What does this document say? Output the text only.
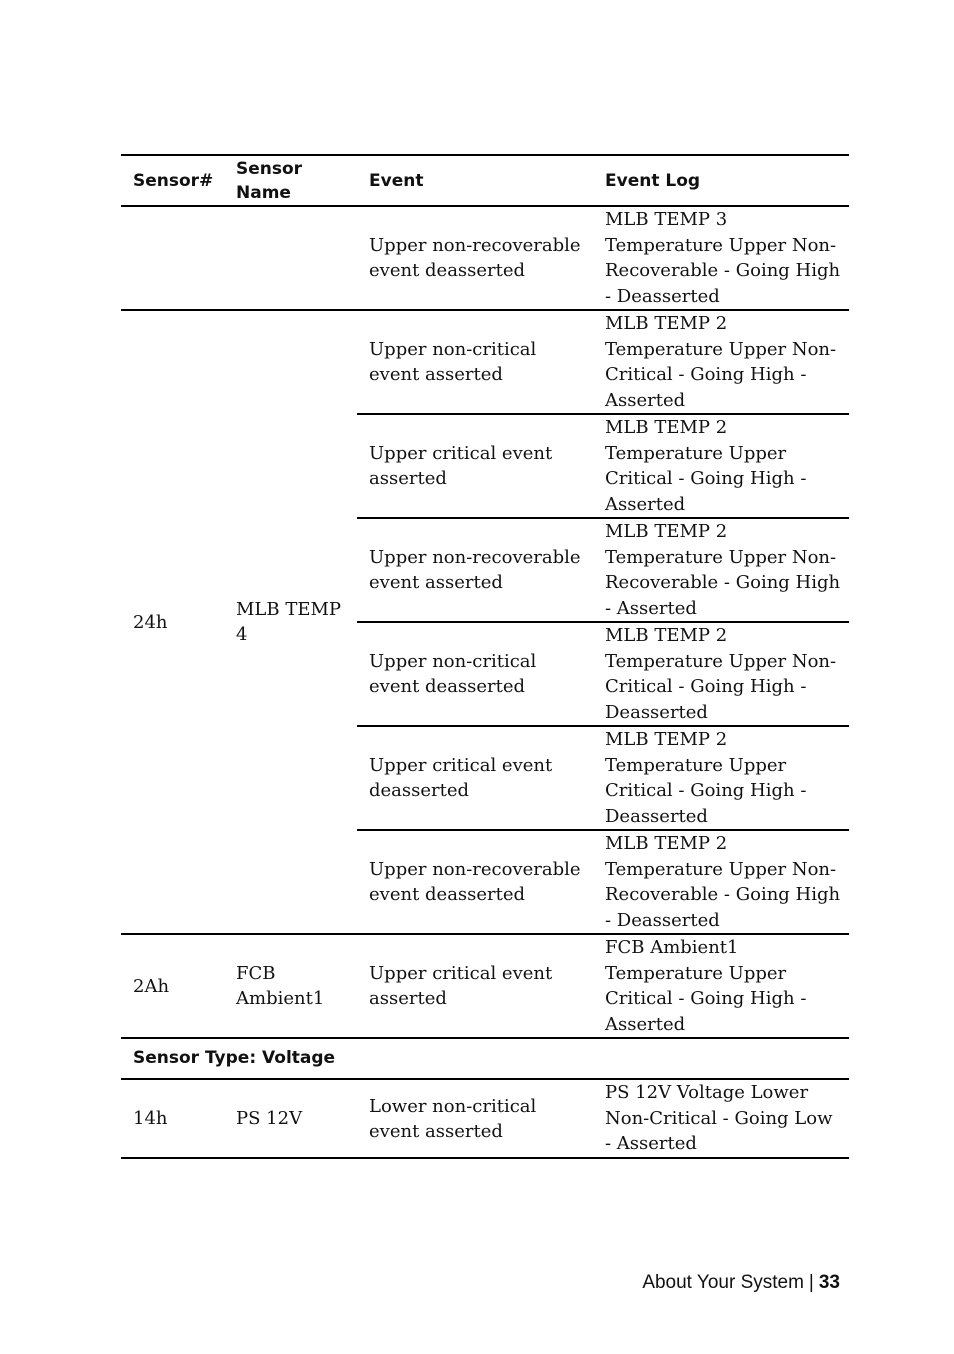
Sensor#	Sensor Name	Event	Event Log
		Upper non-recoverable event deasserted	MLB TEMP 3 Temperature Upper Non-Recoverable - Going High - Deasserted
24h	MLB TEMP 4	Upper non-critical event asserted	MLB TEMP 2 Temperature Upper Non-Critical - Going High - Asserted
		Upper critical event asserted	MLB TEMP 2 Temperature Upper Critical - Going High - Asserted
		Upper non-recoverable event asserted	MLB TEMP 2 Temperature Upper Non-Recoverable - Going High - Asserted
		Upper non-critical event deasserted	MLB TEMP 2 Temperature Upper Non-Critical - Going High - Deasserted
		Upper critical event deasserted	MLB TEMP 2 Temperature Upper Critical - Going High - Deasserted
		Upper non-recoverable event deasserted	MLB TEMP 2 Temperature Upper Non-Recoverable - Going High - Deasserted
2Ah	FCB Ambient1	Upper critical event asserted	FCB Ambient1 Temperature Upper Critical - Going High - Asserted
Sensor Type: Voltage			
14h	PS 12V	Lower non-critical event asserted	PS 12V Voltage Lower Non-Critical - Going Low - Asserted
About Your System | 33
